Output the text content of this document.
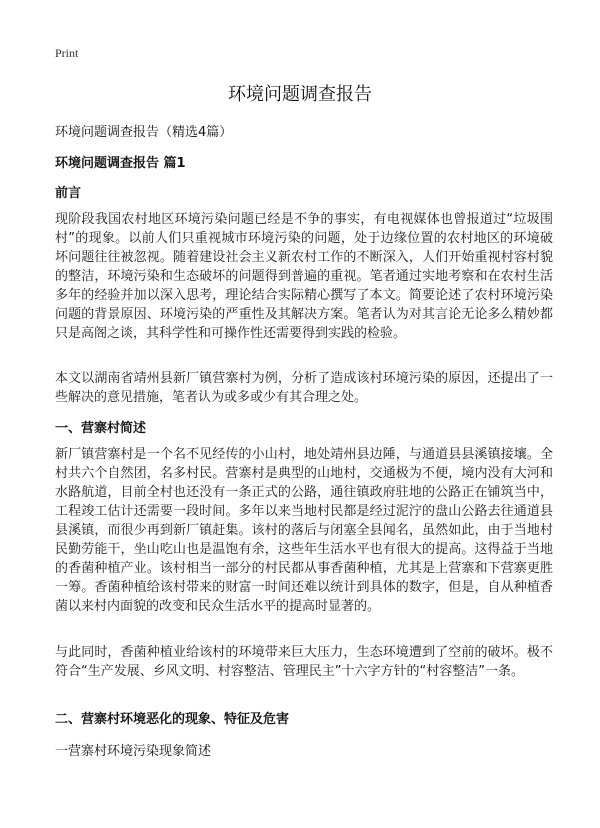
Print
环境问题调查报告

环境问题调查报告（精选4篇）

环境问题调查报告 篇1

前言

现阶段我国农村地区环境污染问题已经是不争的事实，有电视媒体也曾报道过“垃圾围村”的现象。以前人们只重视城市环境污染的问题，处于边缘位置的农村地区的环境破坏问题往往被忽视。随着建设社会主义新农村工作的不断深入，人们开始重视村容村貌的整洁，环境污染和生态破坏的问题得到普遍的重视。笔者通过实地考察和在农村生活多年的经验并加以深入思考，理论结合实际精心撰写了本文。简要论述了农村环境污染问题的背景原因、环境污染的严重性及其解决方案。笔者认为对其言论无论多么精妙都只是高阁之谈，其科学性和可操作性还需要得到实践的检验。

本文以湖南省靖州县新厂镇营寨村为例，分析了造成该村环境污染的原因，还提出了一些解决的意见措施，笔者认为或多或少有其合理之处。

一、营寨村简述

新厂镇营寨村是一个名不见经传的小山村，地处靖州县边陲，与通道县县溪镇接壤。全村共六个自然团，名多村民。营寨村是典型的山地村，交通极为不便，境内没有大河和水路航道，目前全村也还没有一条正式的公路，通往镇政府驻地的公路正在铺筑当中，工程竣工估计还需要一段时间。多年以来当地村民都是经过泥泞的盘山公路去往通道县县溪镇，而很少再到新厂镇赶集。该村的落后与闭塞全县闻名，虽然如此，由于当地村民勤劳能干，坐山吃山也是温饱有余，这些年生活水平也有很大的提高。这得益于当地的香菌种植产业。该村相当一部分的村民都从事香菌种植，尤其是上营寨和下营寨更胜一筹。香菌种植给该村带来的财富一时间还难以统计到具体的数字，但是，自从种植香菌以来村内面貌的改变和民众生活水平的提高时显著的。

与此同时，香菌种植业给该村的环境带来巨大压力，生态环境遭到了空前的破坏。极不符合“生产发展、乡风文明、村容整洁、管理民主”十六字方针的“村容整洁”一条。

二、营寨村环境恶化的现象、特征及危害

一营寨村环境污染现象简述
